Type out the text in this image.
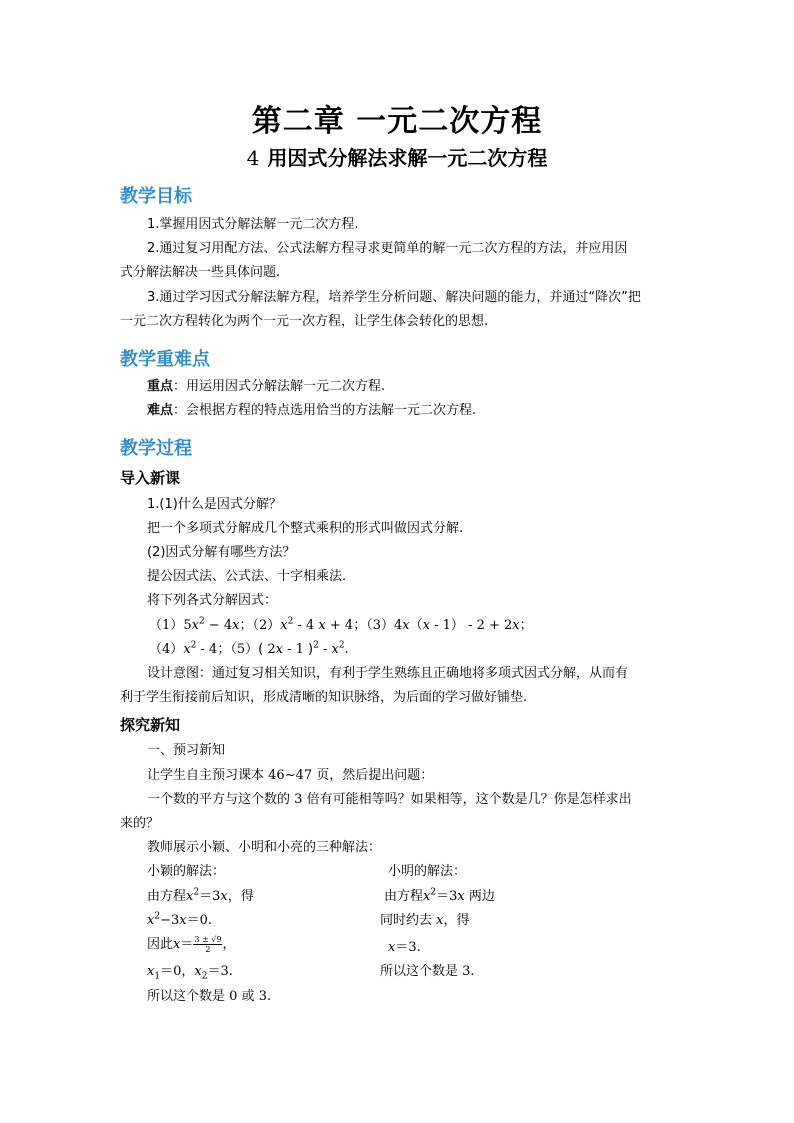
第二章 一元二次方程
4 用因式分解法求解一元二次方程
教学目标
1.掌握用因式分解法解一元二次方程.
2.通过复习用配方法、公式法解方程寻求更简单的解一元二次方程的方法，并应用因
式分解法解决一些具体问题.
3.通过学习因式分解法解方程，培养学生分析问题、解决问题的能力，并通过“降次”把
一元二次方程转化为两个一元一次方程，让学生体会转化的思想.
教学重难点
重点：用运用因式分解法解一元二次方程.
难点：会根据方程的特点选用恰当的方法解一元二次方程.
教学过程
导入新课
1.(1)什么是因式分解？
把一个多项式分解成几个整式乘积的形式叫做因式分解.
(2)因式分解有哪些方法？
提公因式法、公式法、十字相乘法.
将下列各式分解因式：
$(1)5x^2 - 4x$；$(2)x^2 - 4$ x + 4；（3）4x（x - 1） - 2 + 2x；
$(4)x^2 - 4$；（5）( 2x - 1 )$^2 - x^2$.
设计意图：通过复习相关知识，有利于学生熟练且正确地将多项式因式分解，从而有
利于学生衔接前后知识，形成清晰的知识脉络，为后面的学习做好铺垫.
探究新知
一、预习新知
让学生自主预习课本 46~47 页，然后提出问题：
一个数的平方与这个数的 3 倍有可能相等吗？如果相等，这个数是几？你是怎样求出
来的？
教师展示小颖、小明和小亮的三种解法：
小颖的解法：
由方程$x^2=3x$，得
$x^2-3x=0$.
因此$x= \frac{3 \pm √9}{2}$ ，
$x_1=0$，$x_2=3$.
所以这个数是 0 或 3.
小明的解法：
由方程$x^2=3x$ 两边
同时约去 x，得
x＝3.
所以这个数是 3.
